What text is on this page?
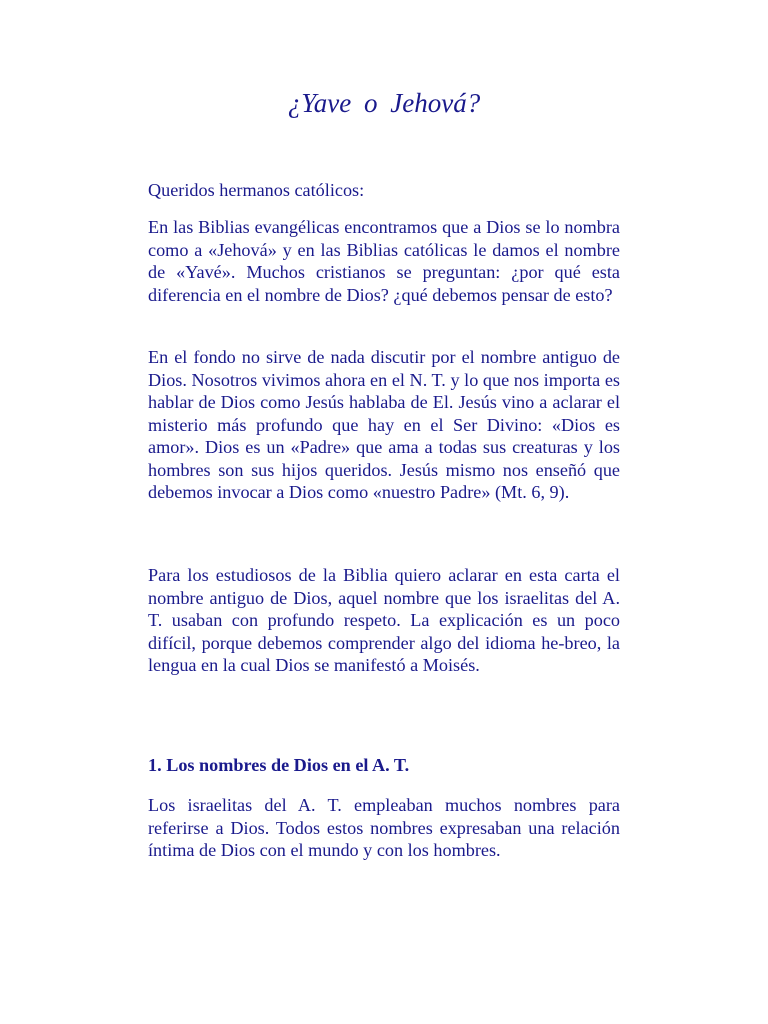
¿Yave o Jehová?

Queridos hermanos católicos:

En las Biblias evangélicas encontramos que a Dios se lo nombra como a «Jehová» y en las Biblias católicas le damos el nombre de «Yavé». Muchos cristianos se preguntan: ¿por qué esta diferencia en el nombre de Dios? ¿qué debemos pensar de esto?

En el fondo no sirve de nada discutir por el nombre antiguo de Dios. Nosotros vivimos ahora en el N. T. y lo que nos importa es hablar de Dios como Jesús hablaba de El. Jesús vino a aclarar el misterio más profundo que hay en el Ser Divino: «Dios es amor». Dios es un «Padre» que ama a todas sus creaturas y los hombres son sus hijos queridos. Jesús mismo nos enseñó que debemos invocar a Dios como «nuestro Padre» (Mt. 6, 9).

Para los estudiosos de la Biblia quiero aclarar en esta carta el nombre antiguo de Dios, aquel nombre que los israelitas del A. T. usaban con profundo respeto. La explicación es un poco difícil, porque debemos comprender algo del idioma he-breo, la lengua en la cual Dios se manifestó a Moisés.

1. Los nombres de Dios en el A. T.

Los israelitas del A. T. empleaban muchos nombres para referirse a Dios. Todos estos nombres expresaban una relación íntima de Dios con el mundo y con los hombres.
